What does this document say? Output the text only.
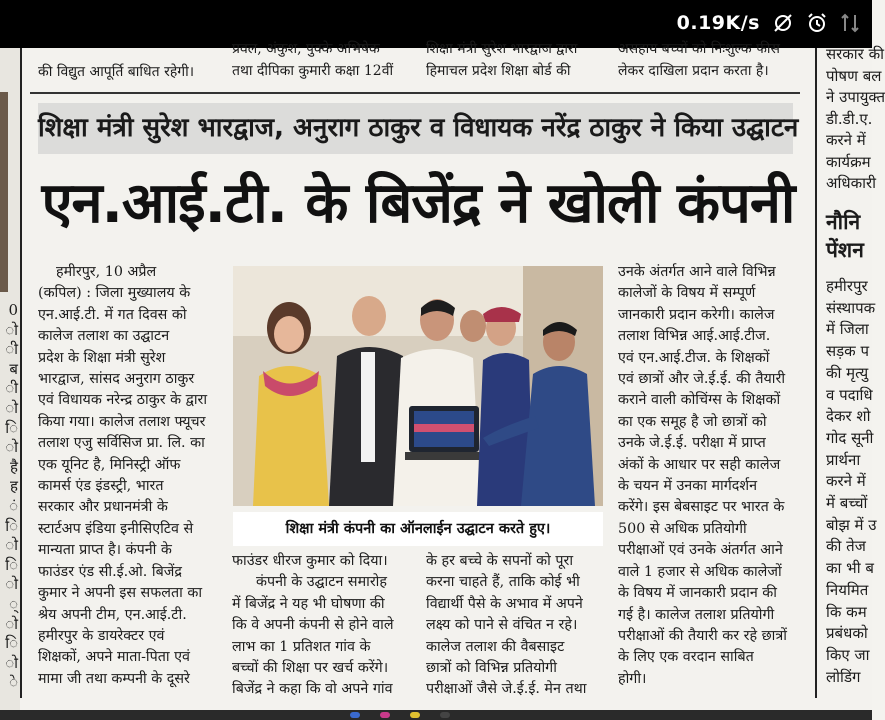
0.19K/s
0
ो
ी
ब
ी
ो
ि
ो
है
ह
ं
ि
ो
ि
ो
्
ो
ि
ो
े
की विद्युत आपूर्ति बाधित रहेगी।
प्रवल, अंकुश, पुक्के अभिषेक
तथा दीपिका कुमारी कक्षा 12वीं
शिक्षा मंत्री सुरेश भारद्वाज द्वारा
हिमाचल प्रदेश शिक्षा बोर्ड की
असहाय बच्चों को निःशुल्क फीस
लेकर दाखिला प्रदान करता है।
सरकार की
पोषण बल
ने उपायुक्त
डी.डी.ए.
करने में
कार्यक्रम
अधिकारी
नौनि
पेंशन
हमीरपुर
संस्थापक
में जिला
सड़क प
की मृत्यु
व पदाधि
देकर शो
गोद सूनी
प्रार्थना
करने में
में बच्चों
बोझ में उ
की तेज
का भी ब
नियमित
कि कम
प्रबंधको
किए जा
लोडिंग
शिक्षा मंत्री सुरेश भारद्वाज, अनुराग ठाकुर व विधायक नरेंद्र ठाकुर ने किया उद्घाटन
एन.आई.टी. के बिजेंद्र ने खोली कंपनी

हमीरपुर, 10 अप्रैल

(कपिल) : जिला मुख्यालय के

एन.आई.टी. में गत दिवस को

कालेज तलाश का उद्घाटन

प्रदेश के शिक्षा मंत्री सुरेश

भारद्वाज, सांसद अनुराग ठाकुर

एवं विधायक नरेन्द्र ठाकुर के द्वारा

किया गया। कालेज तलाश फ्यूचर

तलाश एजु सर्विसिज प्रा. लि. का

एक यूनिट है, मिनिस्ट्री ऑफ

कामर्स एंड इंडस्ट्री, भारत

सरकार और प्रधानमंत्री के

स्टार्टअप इंडिया इनीसिएटिव से

मान्यता प्राप्त है। कंपनी के

फाउंडर एंड सी.ई.ओ. बिजेंद्र

कुमार ने अपनी इस सफलता का

श्रेय अपनी टीम, एन.आई.टी.

हमीरपुर के डायरेक्टर एवं

शिक्षकों, अपने माता-पिता एवं

मामा जी तथा कम्पनी के दूसरे

शिक्षा मंत्री कंपनी का ऑनलाईन उद्घाटन करते हुए।

फाउंडर धीरज कुमार को दिया।

कंपनी के उद्घाटन समारोह

में बिजेंद्र ने यह भी घोषणा की

कि वे अपनी कंपनी से होने वाले

लाभ का 1 प्रतिशत गांव के

बच्चों की शिक्षा पर खर्च करेंगे।

बिजेंद्र ने कहा कि वो अपने गांव

के हर बच्चे के सपनों को पूरा

करना चाहते हैं, ताकि कोई भी

विद्यार्थी पैसे के अभाव में अपने

लक्ष्य को पाने से वंचित न रहे।

कालेज तलाश की वैबसाइट

छात्रों को विभिन्न प्रतियोगी

परीक्षाओं जैसे जे.ई.ई. मेन तथा

उनके अंतर्गत आने वाले विभिन्न

कालेजों के विषय में सम्पूर्ण

जानकारी प्रदान करेगी। कालेज

तलाश विभिन्न आई.आई.टीज.

एवं एन.आई.टीज. के शिक्षकों

एवं छात्रों और जे.ई.ई. की तैयारी

कराने वाली कोचिंग्स के शिक्षकों

का एक समूह है जो छात्रों को

उनके जे.ई.ई. परीक्षा में प्राप्त

अंकों के आधार पर सही कालेज

के चयन में उनका मार्गदर्शन

करेंगे। इस बेबसाइट पर भारत के

500 से अधिक प्रतियोगी

परीक्षाओं एवं उनके अंतर्गत आने

वाले 1 हजार से अधिक कालेजों

के विषय में जानकारी प्रदान की

गई है। कालेज तलाश प्रतियोगी

परीक्षाओं की तैयारी कर रहे छात्रों

के लिए एक वरदान साबित

होगी।
